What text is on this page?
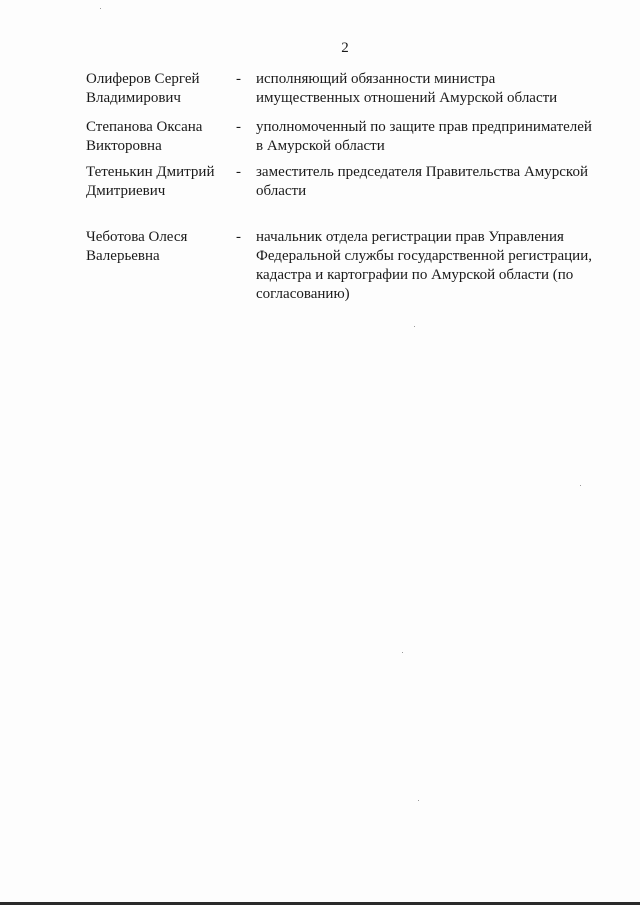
2
Олиферов Сергей
Владимирович
-	исполняющий обязанности министра
имущественных отношений Амурской области
Степанова Оксана
Викторовна
-	уполномоченный по защите прав предпринимателей
в Амурской области
Тетенькин Дмитрий
Дмитриевич
-	заместитель председателя Правительства Амурской
области
Чеботова Олеся
Валерьевна
-	начальник отдела регистрации прав Управления
Федеральной службы государственной регистрации,
кадастра и картографии по Амурской области (по
согласованию)
